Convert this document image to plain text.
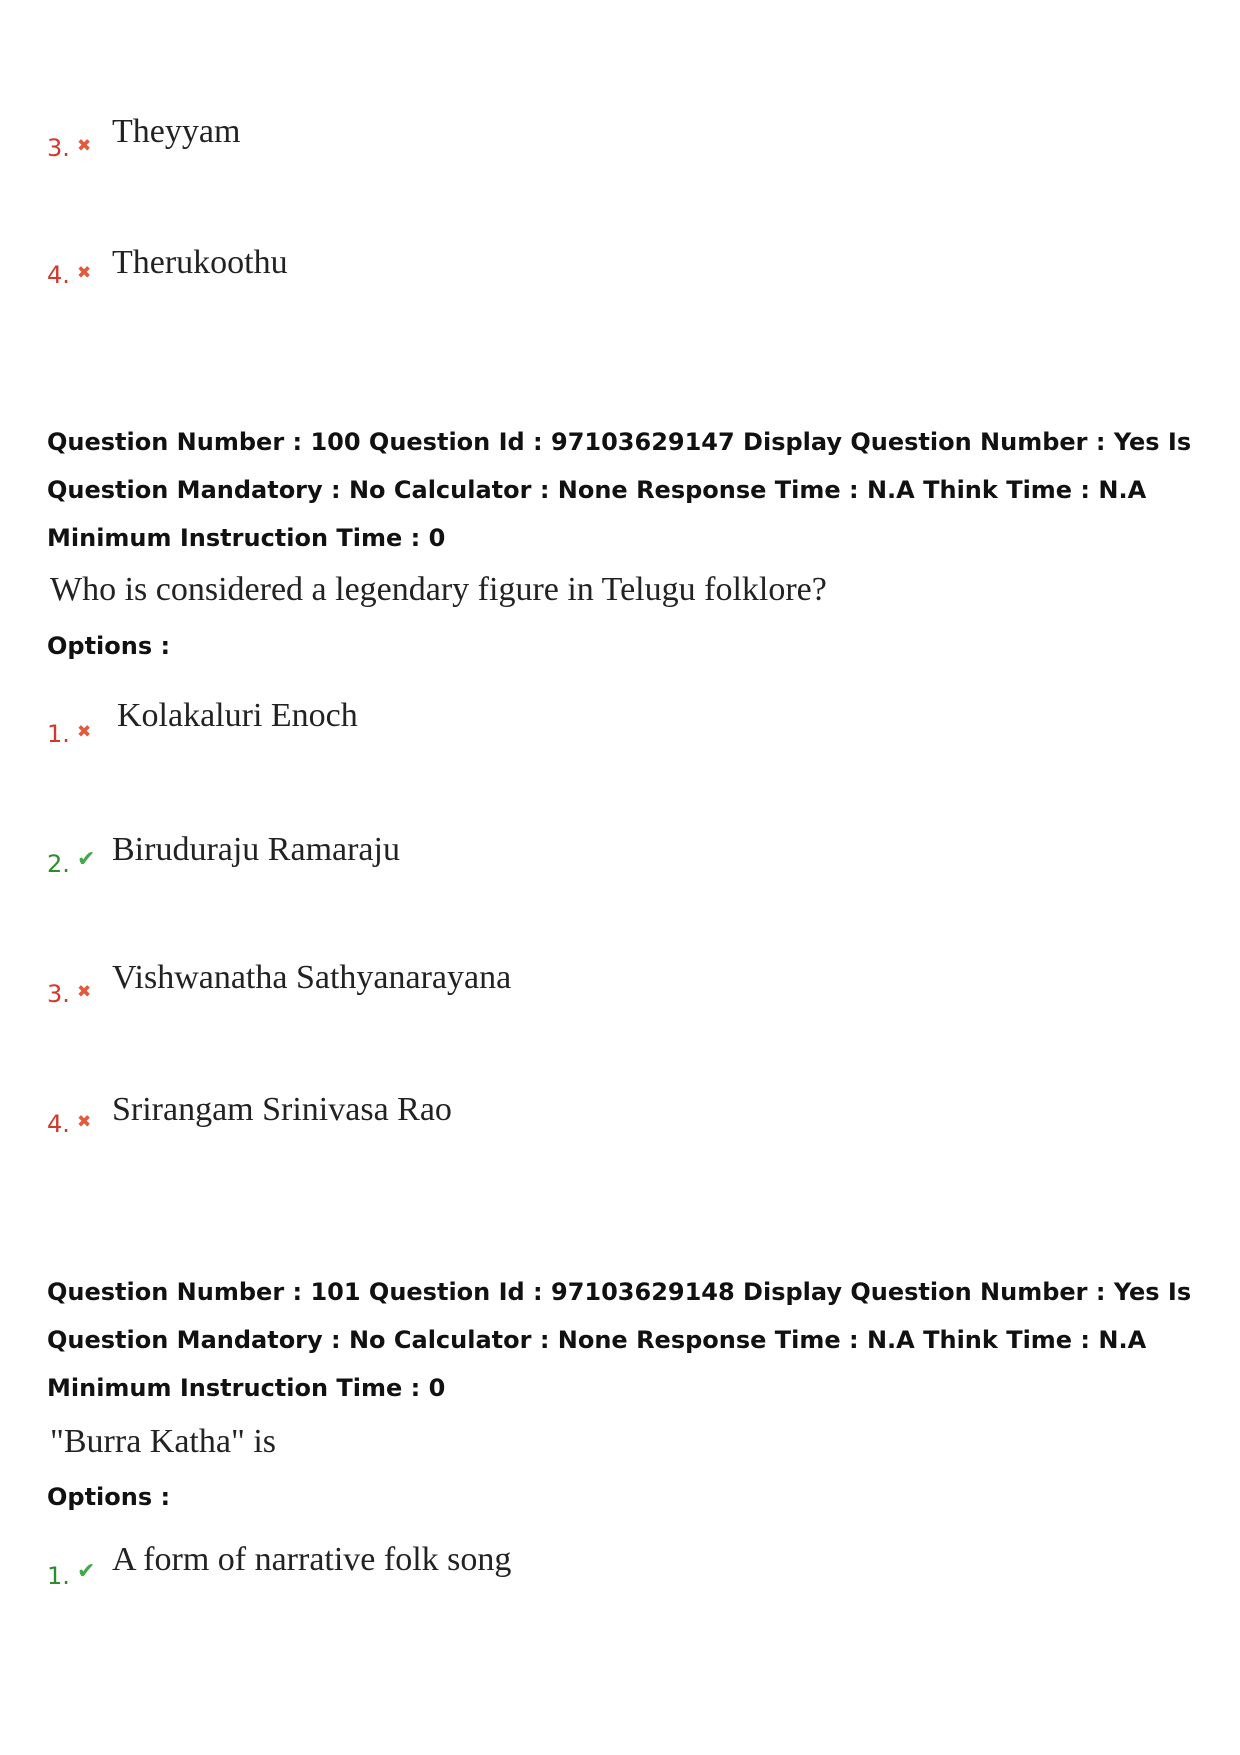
3. ✖ Theyyam
4. ✖ Therukoothu
Question Number : 100 Question Id : 97103629147 Display Question Number : Yes Is Question Mandatory : No Calculator : None Response Time : N.A Think Time : N.A Minimum Instruction Time : 0
Who is considered a legendary figure in Telugu folklore?
Options :
1. ✖ Kolakaluri Enoch
2. ✔ Biruduraju Ramaraju
3. ✖ Vishwanatha Sathyanarayana
4. ✖ Srirangam Srinivasa Rao
Question Number : 101 Question Id : 97103629148 Display Question Number : Yes Is Question Mandatory : No Calculator : None Response Time : N.A Think Time : N.A Minimum Instruction Time : 0
"Burra Katha" is
Options :
1. ✔ A form of narrative folk song
